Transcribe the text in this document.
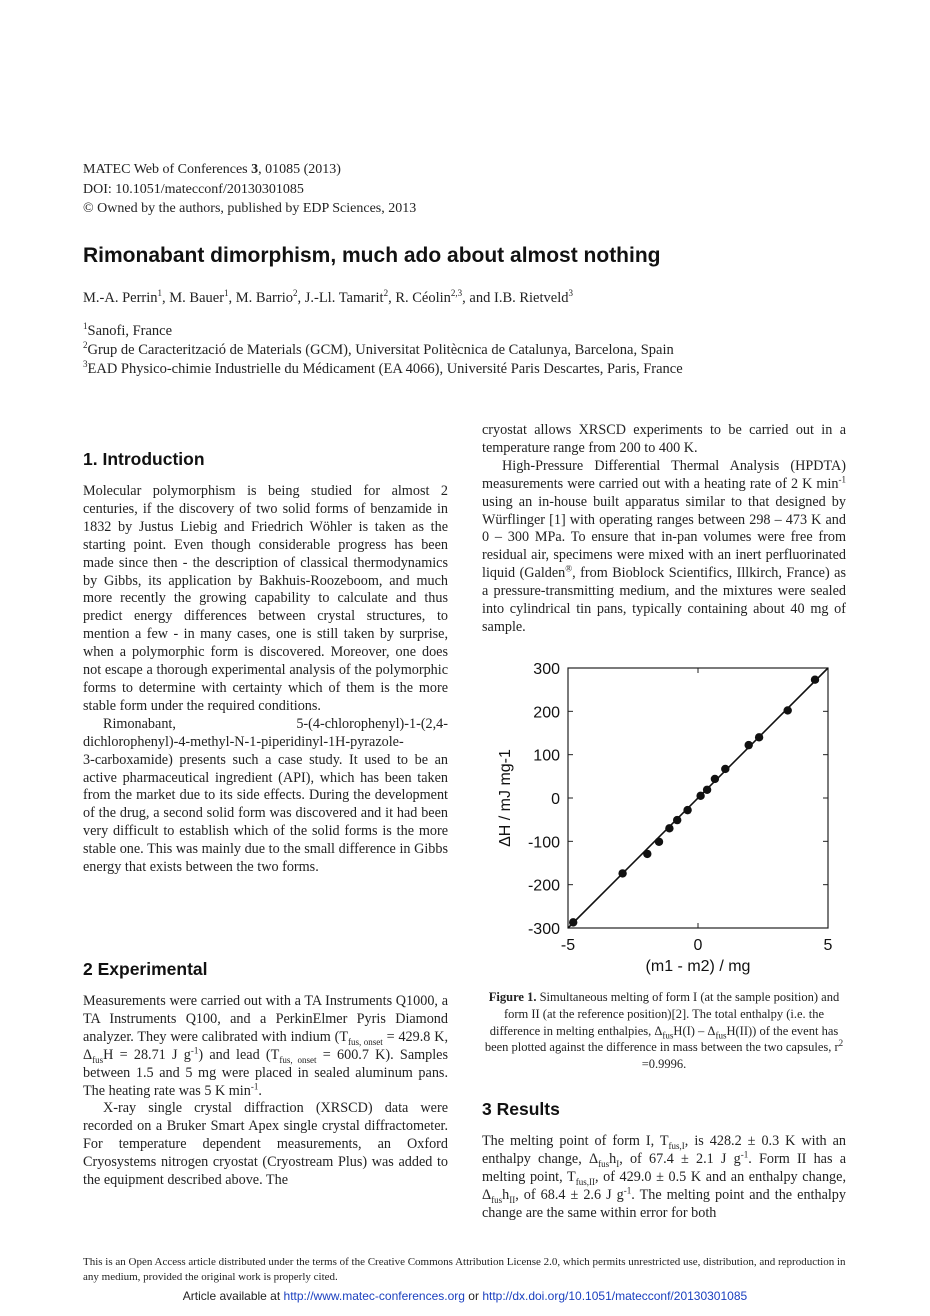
MATEC Web of Conferences 3, 01085 (2013)
DOI: 10.1051/matecconf/20130301085
© Owned by the authors, published by EDP Sciences, 2013
Rimonabant dimorphism, much ado about almost nothing
M.-A. Perrin$^1$, M. Bauer$^1$, M. Barrio$^2$, J.-Ll. Tamarit$^2$, R. Céolin$^{2,3}$, and I.B. Rietveld$^3$
$^1$Sanofi, France
$^2$Grup de Caracterització de Materials (GCM), Universitat Politècnica de Catalunya, Barcelona, Spain
$^3$EAD Physico-chimie Industrielle du Médicament (EA 4066), Université Paris Descartes, Paris, France
1. Introduction

Molecular polymorphism is being studied for almost 2 centuries, if the discovery of two solid forms of benzamide in 1832 by Justus Liebig and Friedrich Wöhler is taken as the starting point. Even though considerable progress has been made since then - the description of classical thermodynamics by Gibbs, its application by Bakhuis-Roozeboom, and much more recently the growing capability to calculate and thus predict energy differences between crystal structures, to mention a few - in many cases, one is still taken by surprise, when a polymorphic form is discovered. Moreover, one does not escape a thorough experimental analysis of the polymorphic forms to determine with certainty which of them is the more stable form under the required conditions.

Rimonabant,	5-(4-chlorophenyl)-1-(2,4-

dichlorophenyl)-4-methyl-N-1-piperidinyl-1H-pyrazole-

3-carboxamide) presents such a case study. It used to be an active pharmaceutical ingredient (API), which has been taken from the market due to its side effects. During the development of the drug, a second solid form was discovered and it had been very difficult to establish which of the solid forms is the more stable one. This was mainly due to the small difference in Gibbs energy that exists between the two forms.

2 Experimental

Measurements were carried out with a TA Instruments Q1000, a TA Instruments Q100, and a PerkinElmer Pyris Diamond analyzer. They were calibrated with indium ($T_{fus, onset} = 429.8$ K, $\Delta_{fus}H = 28.71$ J $g^{-1}$) and lead ($T_{fus, onset} = 600.7$ K). Samples between 1.5 and 5 mg were placed in sealed aluminum pans. The heating rate was 5 K $\min^{-1}$.

X-ray single crystal diffraction (XRSCD) data were recorded on a Bruker Smart Apex single crystal diffractometer. For temperature dependent measurements, an Oxford Cryosystems nitrogen cryostat (Cryostream Plus) was added to the equipment described above. The

cryostat allows XRSCD experiments to be carried out in a temperature range from 200 to 400 K.

High-Pressure Differential Thermal Analysis (HPDTA) measurements were carried out with a heating rate of 2 K $\min^{-1} using$ an in-house built apparatus similar to that designed by Würflinger [1] with operating ranges between 298 – 473 K and 0 – 300 MPa. To ensure that in-pan volumes were free from residual air, specimens were mixed with an inert perfluorinated liquid (Galden®, from Bioblock Scientifics, Illkirch, France) as a pressure-transmitting medium, and the mixtures were sealed into cylindrical tin pans, typically containing about 40 mg of sample.

300
200
100
0
-100
-200
-300
-5	0	5
(m1 - m2) / mg
ΔH / mJ mg-1
Figure 1. Simultaneous melting of form I (at the sample position) and form II (at the reference position)[2]. The total enthalpy (i.e. the difference in melting enthalpies, $\Delta_{fus}H(I) - \Delta_{fus}H(II)$) of the event has been plotted against the difference in mass between the two capsules, $r^2 =0.9996$.
3 Results

The melting point of form I, $T_{fus,I}$, is 428.2 ± 0.3 K with an enthalpy change, $\Delta_{fus}h_I$, of 67.4 ± 2.1 J $g^{-1}$. Form II has a melting point, $T_{fus,II}$, of 429.0 ± 0.5 K and an enthalpy change, $\Delta_{fus}h_{II}$, of 68.4 ± 2.6 J $g^{-1}$. The melting point and the enthalpy change are the same within error for both

This is an Open Access article distributed under the terms of the Creative Commons Attribution License 2.0, which permits unrestricted use, distribution, and reproduction in any medium, provided the original work is properly cited.
Article available at http://www.matec-conferences.org or http://dx.doi.org/10.1051/matecconf/20130301085
